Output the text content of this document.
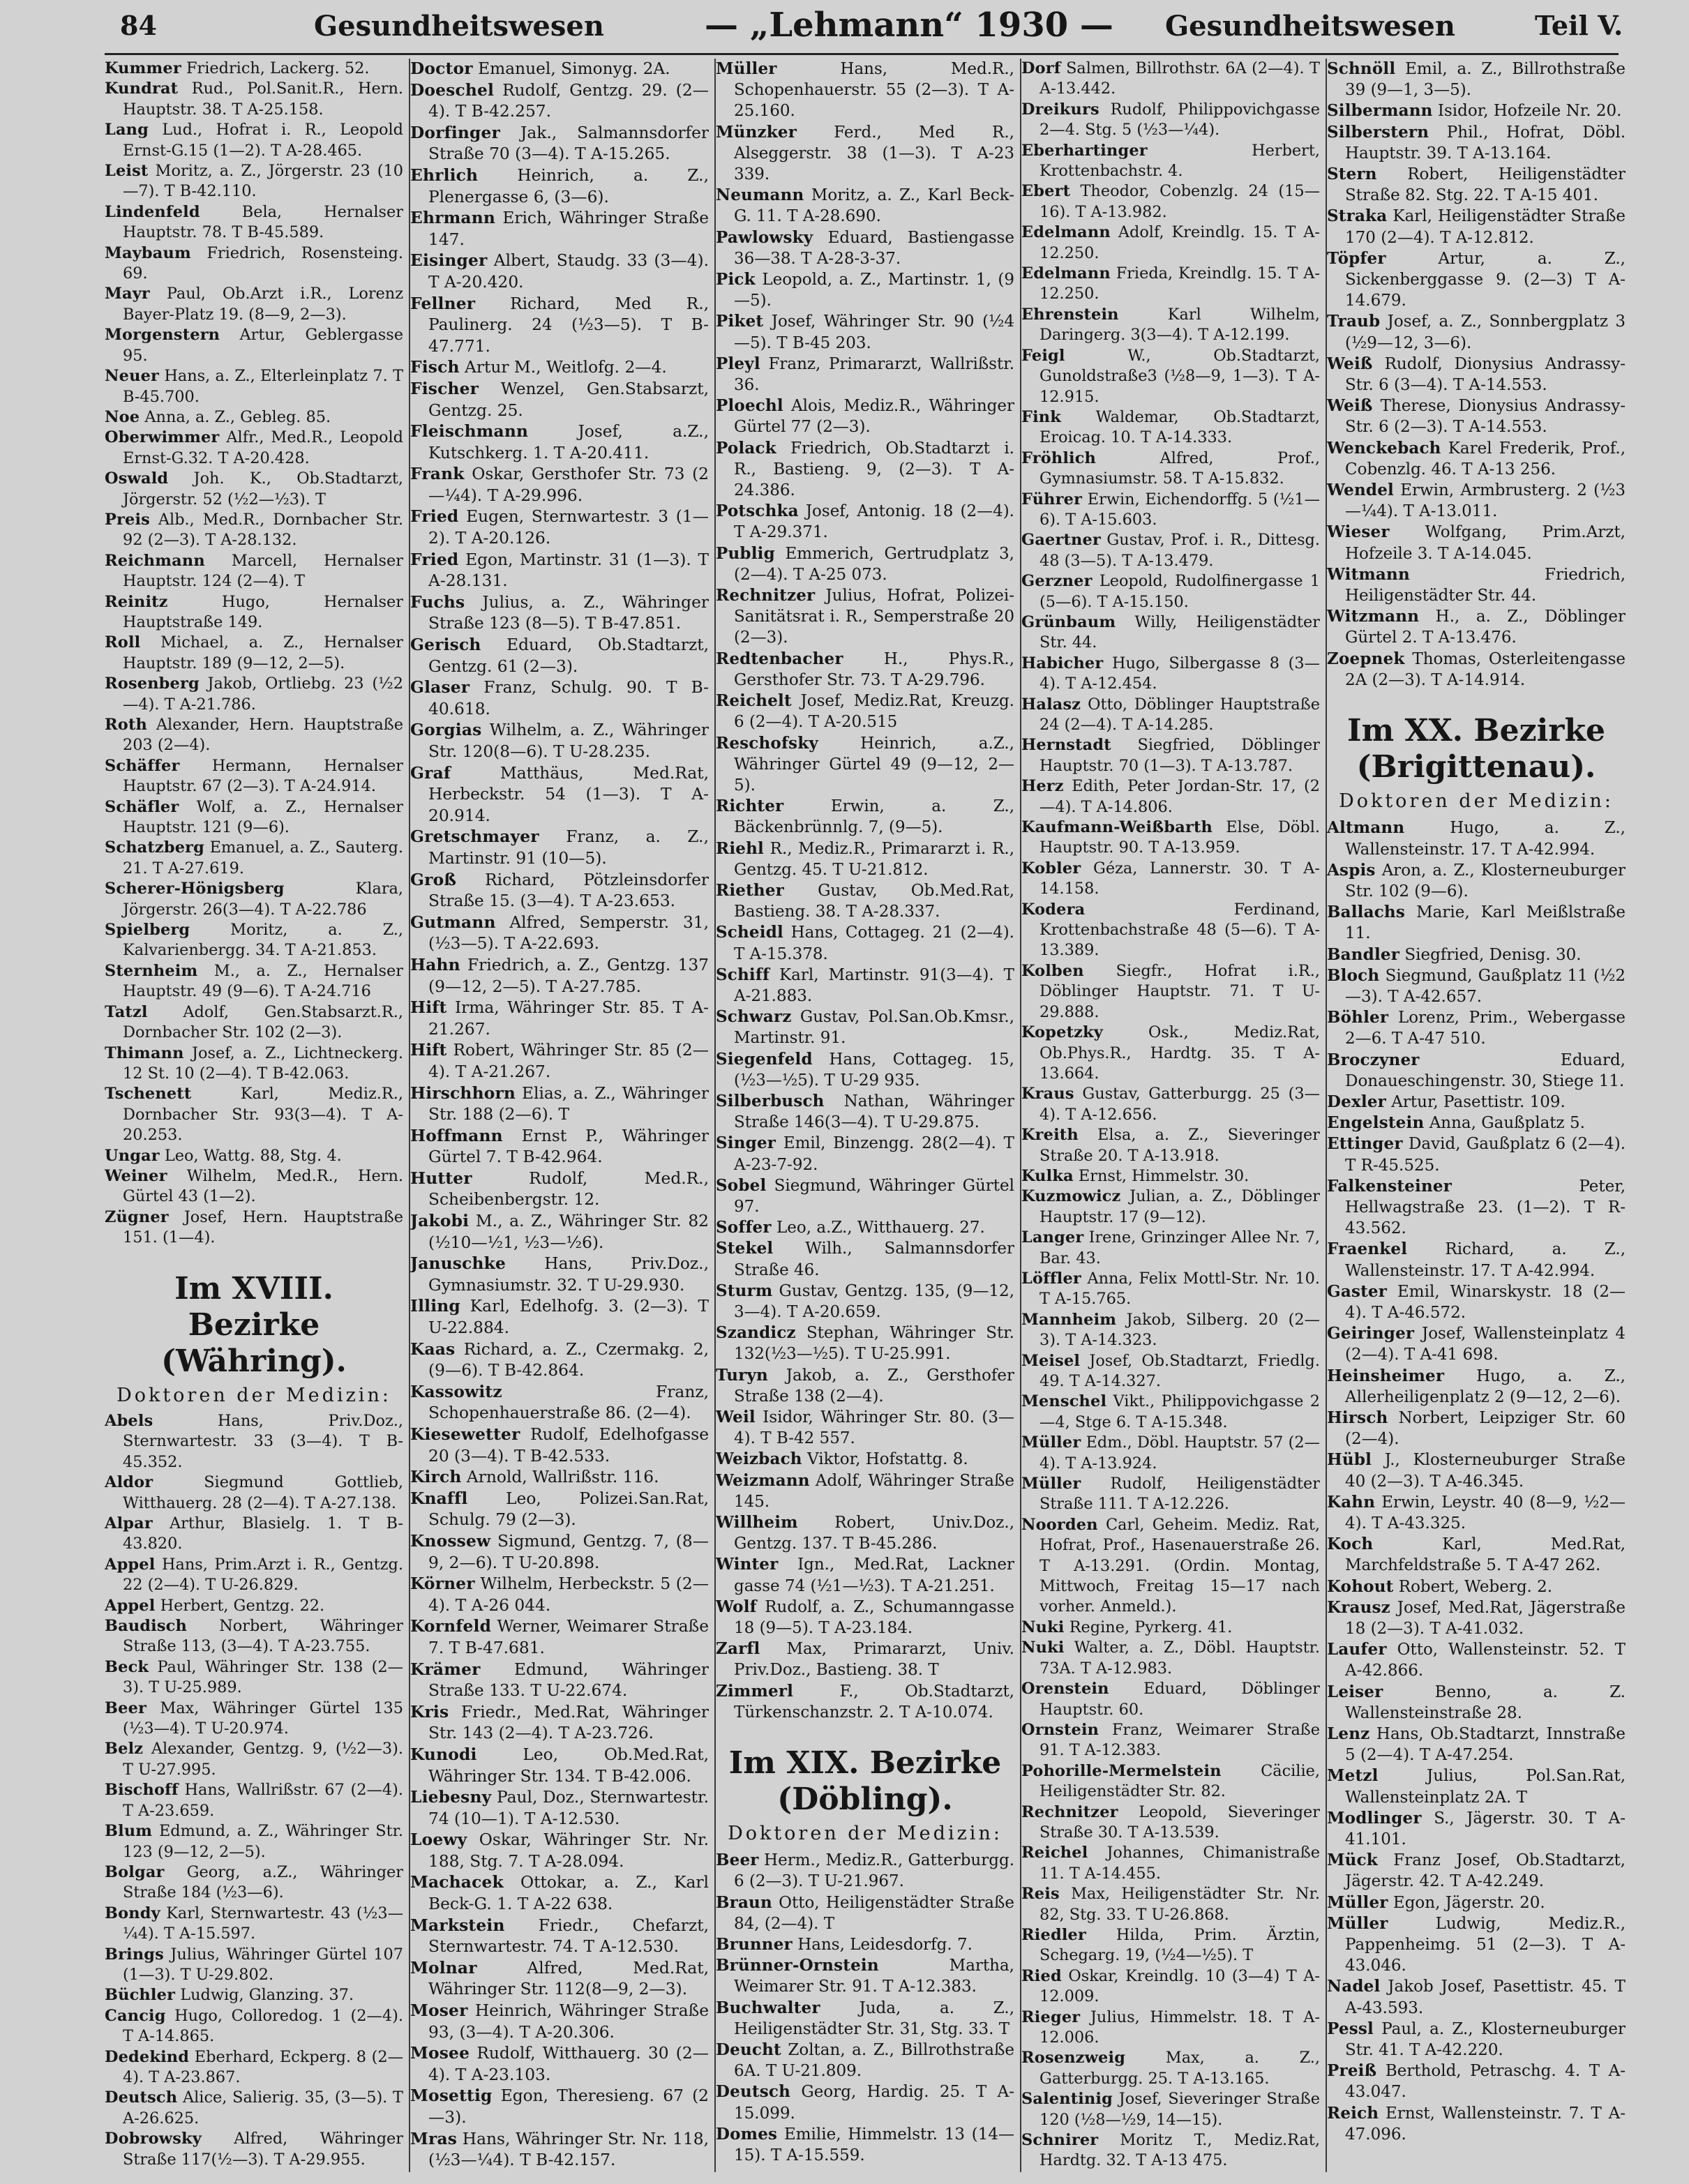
84	Gesundheitswesen	— „Lehmann“ 1930 — Gesundheitswesen	Teil V.
Kummer Friedrich, Lackerg. 52.
Kundrat Rud., Pol.Sanit.R., Hern. Hauptstr. 38. T A-25.158.
Lang Lud., Hofrat i. R., Leopold Ernst-G.15 (1—2). T A-28.465.
Leist Moritz, a. Z., Jörgerstr. 23 (10—7). T B-42.110.
Lindenfeld	Bela, Hernalser Hauptstr. 78. T B-45.589.
Maybaum Friedrich, Rosensteing. 69.
Mayr Paul, Ob.Arzt i.R., Lorenz Bayer-Platz 19. (8—9, 2—3).
Morgenstern Artur, Geblergasse 95.
Neuer Hans, a. Z., Elterleinplatz 7. T B-45.700.
Noe Anna, a. Z., Gebleg. 85.
Oberwimmer Alfr., Med.R., Leopold Ernst-G.32. T A-20.428.
Oswald Joh. K., Ob.Stadtarzt, Jörgerstr. 52 (½2—½3). T
Preis Alb., Med.R., Dornbacher Str. 92 (2—3). T A-28.132.
Reichmann Marcell, Hernalser Hauptstr. 124 (2—4). T
Reinitz	Hugo, Hernalser Hauptstraße 149.
Roll Michael, a. Z., Hernalser Hauptstr. 189 (9—12, 2—5).
Rosenberg Jakob, Ortliebg. 23 (½2—4). T A-21.786.
Roth Alexander, Hern. Hauptstraße 203 (2—4).
Schäffer Hermann, Hernalser Hauptstr. 67 (2—3). T A-24.914.
Schäfler Wolf, a. Z., Hernalser Hauptstr. 121 (9—6).
Schatzberg Emanuel, a. Z., Sauterg. 21. T A-27.619.
Scherer-Hönigsberg	Klara, Jörgerstr. 26(3—4). T A-22.786
Spielberg	Moritz, a. Z., Kalvarienbergg. 34. T A-21.853.
Sternheim M., a. Z., Hernalser Hauptstr. 49 (9—6). T A-24.716
Tatzl Adolf, Gen.Stabsarzt.R., Dornbacher Str. 102 (2—3).
Thimann Josef, a. Z., Lichtneckerg. 12 St. 10 (2—4). T B-42.063.
Tschenett	Karl, Mediz.R., Dornbacher Str. 93(3—4). T A-20.253.
Ungar Leo, Wattg. 88, Stg. 4.
Weiner Wilhelm, Med.R., Hern. Gürtel 43 (1—2).
Zügner Josef, Hern. Hauptstraße 151. (1—4).
Im XVIII. Bezirke (Währing).
Doktoren der Medizin:
Abels	Hans, Priv.Doz., Sternwartestr. 33 (3—4). T B-45.352.
Aldor	Siegmund Gottlieb, Witthauerg. 28 (2—4). T A-27.138.
Alpar Arthur, Blasielg. 1. T B-43.820.
Appel Hans, Prim.Arzt i. R., Gentzg. 22 (2—4). T U-26.829.
Appel Herbert, Gentzg. 22.
Baudisch Norbert, Währinger Straße 113, (3—4). T A-23.755.
Beck Paul, Währinger Str. 138 (2—3). T U-25.989.
Beer Max, Währinger Gürtel 135 (½3—4). T U-20.974.
Belz Alexander, Gentzg. 9, (½2—3). T U-27.995.
Bischoff Hans, Wallrißstr. 67 (2—4). T A-23.659.
Blum Edmund, a. Z., Währinger Str. 123 (9—12, 2—5).
Bolgar Georg, a.Z., Währinger Straße 184 (½3—6).
Bondy Karl, Sternwartestr. 43 (½3—¼4). T A-15.597.
Brings Julius, Währinger Gürtel 107 (1—3). T U-29.802.
Büchler Ludwig, Glanzing. 37.
Cancig Hugo, Colloredog. 1 (2—4). T A-14.865.
Dedekind Eberhard, Eckperg. 8 (2—4). T A-23.867.
Deutsch Alice, Salierig. 35, (3—5). T A-26.625.
Dobrowsky Alfred, Währinger Straße 117(½—3). T A-29.955.
Doctor Emanuel, Simonyg. 2A.
Doeschel Rudolf, Gentzg. 29. (2—4). T B-42.257.
Dorfinger Jak., Salmannsdorfer Straße 70 (3—4). T A-15.265.
Ehrlich Heinrich, a. Z., Plenergasse 6, (3—6).
Ehrmann Erich, Währinger Straße 147.
Eisinger Albert, Staudg. 33 (3—4). T A-20.420.
Fellner Richard, Med R., Paulinerg. 24 (½3—5). T B-47.771.
Fisch Artur M., Weitlofg. 2—4.
Fischer Wenzel, Gen.Stabsarzt, Gentzg. 25.
Fleischmann	Josef, a.Z., Kutschkerg. 1. T A-20.411.
Frank Oskar, Gersthofer Str. 73 (2—¼4). T A-29.996.
Fried Eugen, Sternwartestr. 3 (1—2). T A-20.126.
Fried Egon, Martinstr. 31 (1—3). T A-28.131.
Fuchs Julius, a. Z., Währinger Straße 123 (8—5). T B-47.851.
Gerisch Eduard, Ob.Stadtarzt, Gentzg. 61 (2—3).
Glaser Franz, Schulg. 90. T B-40.618.
Gorgias Wilhelm, a. Z., Währinger Str. 120(8—6). T U-28.235.
Graf	Matthäus, Med.Rat, Herbeckstr. 54 (1—3). T A-20.914.
Gretschmayer Franz, a. Z., Martinstr. 91 (10—5).
Groß Richard, Pötzleinsdorfer Straße 15. (3—4). T A-23.653.
Gutmann Alfred, Semperstr. 31, (½3—5). T A-22.693.
Hahn Friedrich, a. Z., Gentzg. 137 (9—12, 2—5). T A-27.785.
Hift Irma, Währinger Str. 85. T A-21.267.
Hift Robert, Währinger Str. 85 (2—4). T A-21.267.
Hirschhorn Elias, a. Z., Währinger Str. 188 (2—6). T
Hoffmann Ernst P., Währinger Gürtel 7. T B-42.964.
Hutter	Rudolf, Med.R., Scheibenbergstr. 12.
Jakobi M., a. Z., Währinger Str. 82 (½10—½1, ½3—½6).
Januschke Hans, Priv.Doz., Gymnasiumstr. 32. T U-29.930.
Illing Karl, Edelhofg. 3. (2—3). T U-22.884.
Kaas Richard, a. Z., Czermakg. 2, (9—6). T B-42.864.
Kassowitz	Franz, Schopenhauerstraße 86. (2—4).
Kiesewetter Rudolf, Edelhofgasse 20 (3—4). T B-42.533.
Kirch Arnold, Wallrißstr. 116.
Knaffl Leo, Polizei.San.Rat, Schulg. 79 (2—3).
Knossew Sigmund, Gentzg. 7, (8—9, 2—6). T U-20.898.
Körner Wilhelm, Herbeckstr. 5 (2—4). T A-26 044.
Kornfeld Werner, Weimarer Straße 7. T B-47.681.
Krämer Edmund, Währinger Straße 133. T U-22.674.
Kris Friedr., Med.Rat, Währinger Str. 143 (2—4). T A-23.726.
Kunodi	Leo, Ob.Med.Rat, Währinger Str. 134. T B-42.006.
Liebesny Paul, Doz., Sternwartestr. 74 (10—1). T A-12.530.
Loewy Oskar, Währinger Str. Nr. 188, Stg. 7. T A-28.094.
Machacek Ottokar, a. Z., Karl Beck-G. 1. T A-22 638.
Markstein Friedr., Chefarzt, Sternwartestr. 74. T A-12.530.
Molnar	Alfred, Med.Rat, Währinger Str. 112(8—9, 2—3).
Moser Heinrich, Währinger Straße 93, (3—4). T A-20.306.
Mosee Rudolf, Witthauerg. 30 (2—4). T A-23.103.
Mosettig Egon, Theresieng. 67 (2—3).
Mras Hans, Währinger Str. Nr. 118, (½3—¼4). T B-42.157.
Müller	Hans, Med.R., Schopenhauerstr. 55 (2—3). T A-25.160.
Münzker Ferd., Med R., Alseggerstr. 38 (1—3). T A-23 339.
Neumann Moritz, a. Z., Karl Beck-G. 11. T A-28.690.
Pawlowsky Eduard, Bastiengasse 36—38. T A-28-3-37.
Pick Leopold, a. Z., Martinstr. 1, (9—5).
Piket Josef, Währinger Str. 90 (½4—5). T B-45 203.
Pleyl Franz, Primararzt, Wallrißstr. 36.
Ploechl Alois, Mediz.R., Währinger Gürtel 77 (2—3).
Polack Friedrich, Ob.Stadtarzt i. R., Bastieng. 9, (2—3). T A-24.386.
Potschka Josef, Antonig. 18 (2—4). T A-29.371.
Publig Emmerich, Gertrudplatz 3, (2—4). T A-25 073.
Rechnitzer Julius, Hofrat, Polizei-Sanitätsrat i. R., Semperstraße 20 (2—3).
Redtenbacher	H., Phys.R., Gersthofer Str. 73. T A-29.796.
Reichelt Josef, Mediz.Rat, Kreuzg. 6 (2—4). T A-20.515
Reschofsky	Heinrich, a.Z., Währinger Gürtel 49 (9—12, 2—5).
Richter	Erwin, a. Z., Bäckenbrünnlg. 7, (9—5).
Riehl R., Mediz.R., Primararzt i. R., Gentzg. 45. T U-21.812.
Riether Gustav, Ob.Med.Rat, Bastieng. 38. T A-28.337.
Scheidl Hans, Cottageg. 21 (2—4). T A-15.378.
Schiff Karl, Martinstr. 91(3—4). T A-21.883.
Schwarz Gustav, Pol.San.Ob.Kmsr., Martinstr. 91.
Siegenfeld Hans, Cottageg. 15, (½3—½5). T U-29 935.
Silberbusch Nathan, Währinger Straße 146(3—4). T U-29.875.
Singer Emil, Binzengg. 28(2—4). T A-23-7-92.
Sobel Siegmund, Währinger Gürtel 97.
Soffer Leo, a.Z., Witthauerg. 27.
Stekel Wilh., Salmannsdorfer Straße 46.
Sturm Gustav, Gentzg. 135, (9—12, 3—4). T A-20.659.
Szandicz Stephan, Währinger Str. 132(½3—½5). T U-25.991.
Turyn Jakob, a. Z., Gersthofer Straße 138 (2—4).
Weil Isidor, Währinger Str. 80. (3—4). T B-42 557.
Weizbach Viktor, Hofstattg. 8.
Weizmann Adolf, Währinger Straße 145.
Willheim Robert, Univ.Doz., Gentzg. 137. T B-45.286.
Winter Ign., Med.Rat, Lackner gasse 74 (½1—½3). T A-21.251.
Wolf Rudolf, a. Z., Schumanngasse 18 (9—5). T A-23.184.
Zarfl Max, Primararzt, Univ. Priv.Doz., Bastieng. 38. T
Zimmerl	F., Ob.Stadtarzt, Türkenschanzstr. 2. T A-10.074.
Im XIX. Bezirke (Döbling).
Doktoren der Medizin:
Beer Herm., Mediz.R., Gatterburgg. 6 (2—3). T U-21.967.
Braun Otto, Heiligenstädter Straße 84, (2—4). T
Brunner Hans, Leidesdorfg. 7.
Brünner-Ornstein	Martha, Weimarer Str. 91. T A-12.383.
Buchwalter Juda, a. Z., Heiligenstädter Str. 31, Stg. 33. T
Deucht Zoltan, a. Z., Billrothstraße 6A. T U-21.809.
Deutsch Georg, Hardig. 25. T A-15.099.
Domes Emilie, Himmelstr. 13 (14—15). T A-15.559.
Dorf Salmen, Billrothstr. 6A (2—4). T A-13.442.
Dreikurs Rudolf, Philippovichgasse 2—4. Stg. 5 (½3—¼4).
Eberhartinger	Herbert, Krottenbachstr. 4.
Ebert Theodor, Cobenzlg. 24 (15—16). T A-13.982.
Edelmann Adolf, Kreindlg. 15. T A-12.250.
Edelmann Frieda, Kreindlg. 15. T A-12.250.
Ehrenstein	Karl Wilhelm, Daringerg. 3(3—4). T A-12.199.
Feigl	W., Ob.Stadtarzt, Gunoldstraße3 (½8—9, 1—3). T A-12.915.
Fink Waldemar, Ob.Stadtarzt, Eroicag. 10. T A-14.333.
Fröhlich	Alfred, Prof., Gymnasiumstr. 58. T A-15.832.
Führer Erwin, Eichendorffg. 5 (½1—6). T A-15.603.
Gaertner Gustav, Prof. i. R., Dittesg. 48 (3—5). T A-13.479.
Gerzner Leopold, Rudolfinergasse 1 (5—6). T A-15.150.
Grünbaum Willy, Heiligenstädter Str. 44.
Habicher Hugo, Silbergasse 8 (3—4). T A-12.454.
Halasz Otto, Döblinger Hauptstraße 24 (2—4). T A-14.285.
Hernstadt Siegfried, Döblinger Hauptstr. 70 (1—3). T A-13.787.
Herz Edith, Peter Jordan-Str. 17, (2—4). T A-14.806.
Kaufmann-Weißbarth Else, Döbl. Hauptstr. 90. T A-13.959.
Kobler Géza, Lannerstr. 30. T A-14.158.
Kodera	Ferdinand, Krottenbachstraße 48 (5—6). T A-13.389.
Kolben Siegfr., Hofrat i.R., Döblinger Hauptstr. 71. T U-29.888.
Kopetzky	Osk., Mediz.Rat, Ob.Phys.R., Hardtg. 35. T A-13.664.
Kraus Gustav, Gatterburgg. 25 (3—4). T A-12.656.
Kreith Elsa, a. Z., Sieveringer Straße 20. T A-13.918.
Kulka Ernst, Himmelstr. 30.
Kuzmowicz Julian, a. Z., Döblinger Hauptstr. 17 (9—12).
Langer Irene, Grinzinger Allee Nr. 7, Bar. 43.
Löffler Anna, Felix Mottl-Str. Nr. 10. T A-15.765.
Mannheim Jakob, Silberg. 20 (2—3). T A-14.323.
Meisel Josef, Ob.Stadtarzt, Friedlg. 49. T A-14.327.
Menschel Vikt., Philippovichgasse 2—4, Stge 6. T A-15.348.
Müller Edm., Döbl. Hauptstr. 57 (2—4). T A-13.924.
Müller Rudolf, Heiligenstädter Straße 111. T A-12.226.
Noorden Carl, Geheim. Mediz. Rat, Hofrat, Prof., Hasenauerstraße 26. T A-13.291. (Ordin. Montag, Mittwoch, Freitag 15—17 nach vorher. Anmeld.).
Nuki Regine, Pyrkerg. 41.
Nuki Walter, a. Z., Döbl. Hauptstr. 73A. T A-12.983.
Orenstein Eduard, Döblinger Hauptstr. 60.
Ornstein Franz, Weimarer Straße 91. T A-12.383.
Pohorille-Mermelstein	Cäcilie, Heiligenstädter Str. 82.
Rechnitzer Leopold, Sieveringer Straße 30. T A-13.539.
Reichel Johannes, Chimanistraße 11. T A-14.455.
Reis Max, Heiligenstädter Str. Nr. 82, Stg. 33. T U-26.868.
Riedler Hilda, Prim. Ärztin, Schegarg. 19, (½4—½5). T
Ried Oskar, Kreindlg. 10 (3—4) T A-12.009.
Rieger Julius, Himmelstr. 18. T A-12.006.
Rosenzweig	Max, a. Z., Gatterburgg. 25. T A-13.165.
Salentinig Josef, Sieveringer Straße 120 (½8—½9, 14—15).
Schnirer Moritz T., Mediz.Rat, Hardtg. 32. T A-13 475.
Schnöll Emil, a. Z., Billrothstraße 39 (9—1, 3—5).
Silbermann Isidor, Hofzeile Nr. 20.
Silberstern Phil., Hofrat, Döbl. Hauptstr. 39. T A-13.164.
Stern Robert, Heiligenstädter Straße 82. Stg. 22. T A-15 401.
Straka Karl, Heiligenstädter Straße 170 (2—4). T A-12.812.
Töpfer	Artur, a. Z., Sickenberggasse 9. (2—3) T A-14.679.
Traub Josef, a. Z., Sonnbergplatz 3 (½9—12, 3—6).
Weiß Rudolf, Dionysius Andrassy-Str. 6 (3—4). T A-14.553.
Weiß Therese, Dionysius Andrassy-Str. 6 (2—3). T A-14.553.
Wenckebach Karel Frederik, Prof., Cobenzlg. 46. T A-13 256.
Wendel Erwin, Armbrusterg. 2 (½3—¼4). T A-13.011.
Wieser Wolfgang, Prim.Arzt, Hofzeile 3. T A-14.045.
Witmann	Friedrich, Heiligenstädter Str. 44.
Witzmann H., a. Z., Döblinger Gürtel 2. T A-13.476.
Zoepnek Thomas, Osterleitengasse 2A (2—3). T A-14.914.
Im XX. Bezirke (Brigittenau).
Doktoren der Medizin:
Altmann	Hugo, a. Z., Wallensteinstr. 17. T A-42.994.
Aspis Aron, a. Z., Klosterneuburger Str. 102 (9—6).
Ballachs Marie, Karl Meißlstraße 11.
Bandler Siegfried, Denisg. 30.
Bloch Siegmund, Gaußplatz 11 (½2—3). T A-42.657.
Böhler Lorenz, Prim., Webergasse 2—6. T A-47 510.
Broczyner	Eduard, Donaueschingenstr. 30, Stiege 11.
Dexler Artur, Pasettistr. 109.
Engelstein Anna, Gaußplatz 5.
Ettinger David, Gaußplatz 6 (2—4). T R-45.525.
Falkensteiner	Peter, Hellwagstraße 23. (1—2). T R-43.562.
Fraenkel Richard, a. Z., Wallensteinstr. 17. T A-42.994.
Gaster Emil, Winarskystr. 18 (2—4). T A-46.572.
Geiringer Josef, Wallensteinplatz 4 (2—4). T A-41 698.
Heinsheimer Hugo, a. Z., Allerheiligenplatz 2 (9—12, 2—6).
Hirsch Norbert, Leipziger Str. 60 (2—4).
Hübl J., Klosterneuburger Straße 40 (2—3). T A-46.345.
Kahn Erwin, Leystr. 40 (8—9, ½2—4). T A-43.325.
Koch	Karl, Med.Rat, Marchfeldstraße 5. T A-47 262.
Kohout Robert, Weberg. 2.
Krausz Josef, Med.Rat, Jägerstraße 18 (2—3). T A-41.032.
Laufer Otto, Wallensteinstr. 52. T A-42.866.
Leiser	Benno, a. Z. Wallensteinstraße 28.
Lenz Hans, Ob.Stadtarzt, Innstraße 5 (2—4). T A-47.254.
Metzl	Julius, Pol.San.Rat, Wallensteinplatz 2A. T
Modlinger S., Jägerstr. 30. T A-41.101.
Mück Franz Josef, Ob.Stadtarzt, Jägerstr. 42. T A-42.249.
Müller Egon, Jägerstr. 20.
Müller	Ludwig, Mediz.R., Pappenheimg. 51 (2—3). T A-43.046.
Nadel Jakob Josef, Pasettistr. 45. T A-43.593.
Pessl Paul, a. Z., Klosterneuburger Str. 41. T A-42.220.
Preiß Berthold, Petraschg. 4. T A-43.047.
Reich Ernst, Wallensteinstr. 7. T A-47.096.
